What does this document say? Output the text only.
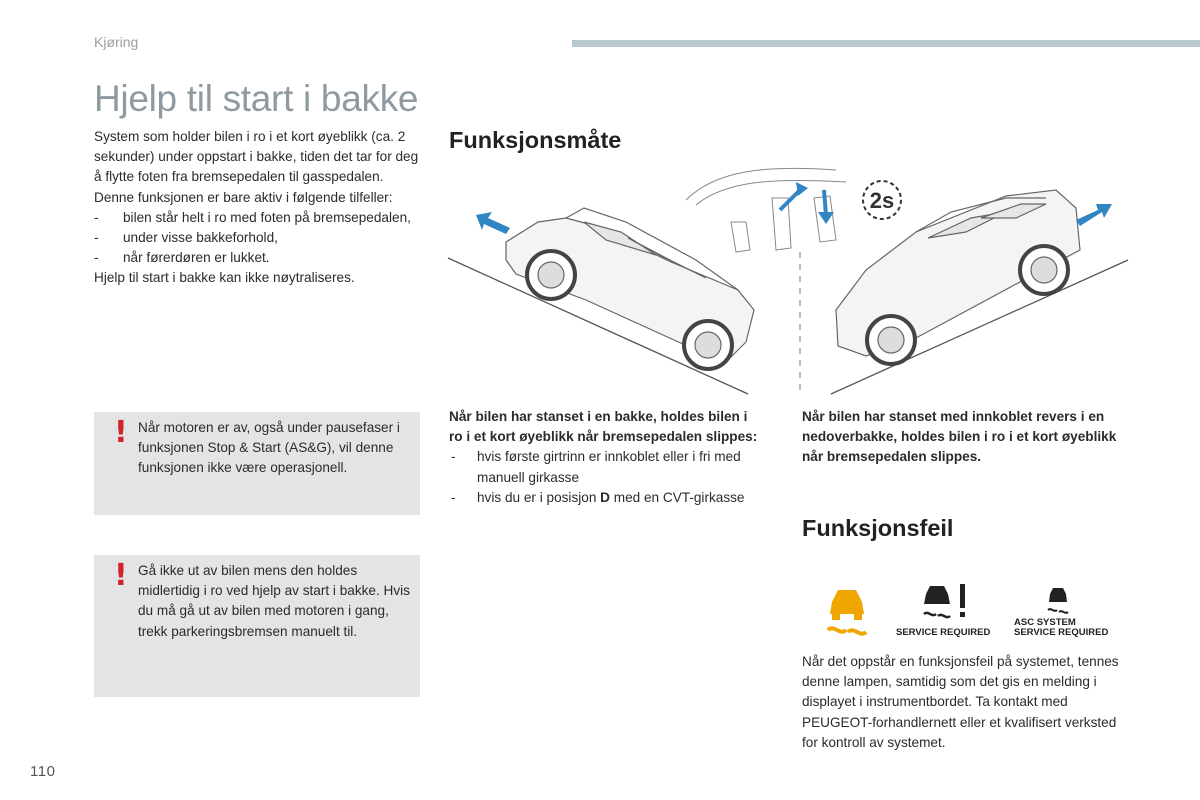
Kjøring
Hjelp til start i bakke

System som holder bilen i ro i et kort øyeblikk (ca. 2 sekunder) under oppstart i bakke, tiden det tar for deg å flytte foten fra bremsepedalen til gasspedalen.

Denne funksjonen er bare aktiv i følgende tilfeller:

- bilen står helt i ro med foten på bremsepedalen,
- under visse bakkeforhold,
- når førerdøren er lukket.

Hjelp til start i bakke kan ikke nøytraliseres.

! Når motoren er av, også under pausefaser i funksjonen Stop & Start (AS&G), vil denne funksjonen ikke være operasjonell.
! Gå ikke ut av bilen mens den holdes midlertidig i ro ved hjelp av start i bakke. Hvis du må gå ut av bilen med motoren i gang, trekk parkeringsbremsen manuelt til.
Funksjonsmåte
2s

Når bilen har stanset i en bakke, holdes bilen i ro i et kort øyeblikk når bremsepedalen slippes:

- hvis første girtrinn er innkoblet eller i fri med manuell girkasse
- hvis du er i posisjon D med en CVT-girkasse

Når bilen har stanset med innkoblet revers i en nedoverbakke, holdes bilen i ro i et kort øyeblikk når bremsepedalen slippes.

Funksjonsfeil
SERVICE REQUIRED
ASC SYSTEM
SERVICE REQUIRED

Når det oppstår en funksjonsfeil på systemet, tennes denne lampen, samtidig som det gis en melding i displayet i instrumentbordet. Ta kontakt med PEUGEOT-forhandlernett eller et kvalifisert verksted for kontroll av systemet.

110
